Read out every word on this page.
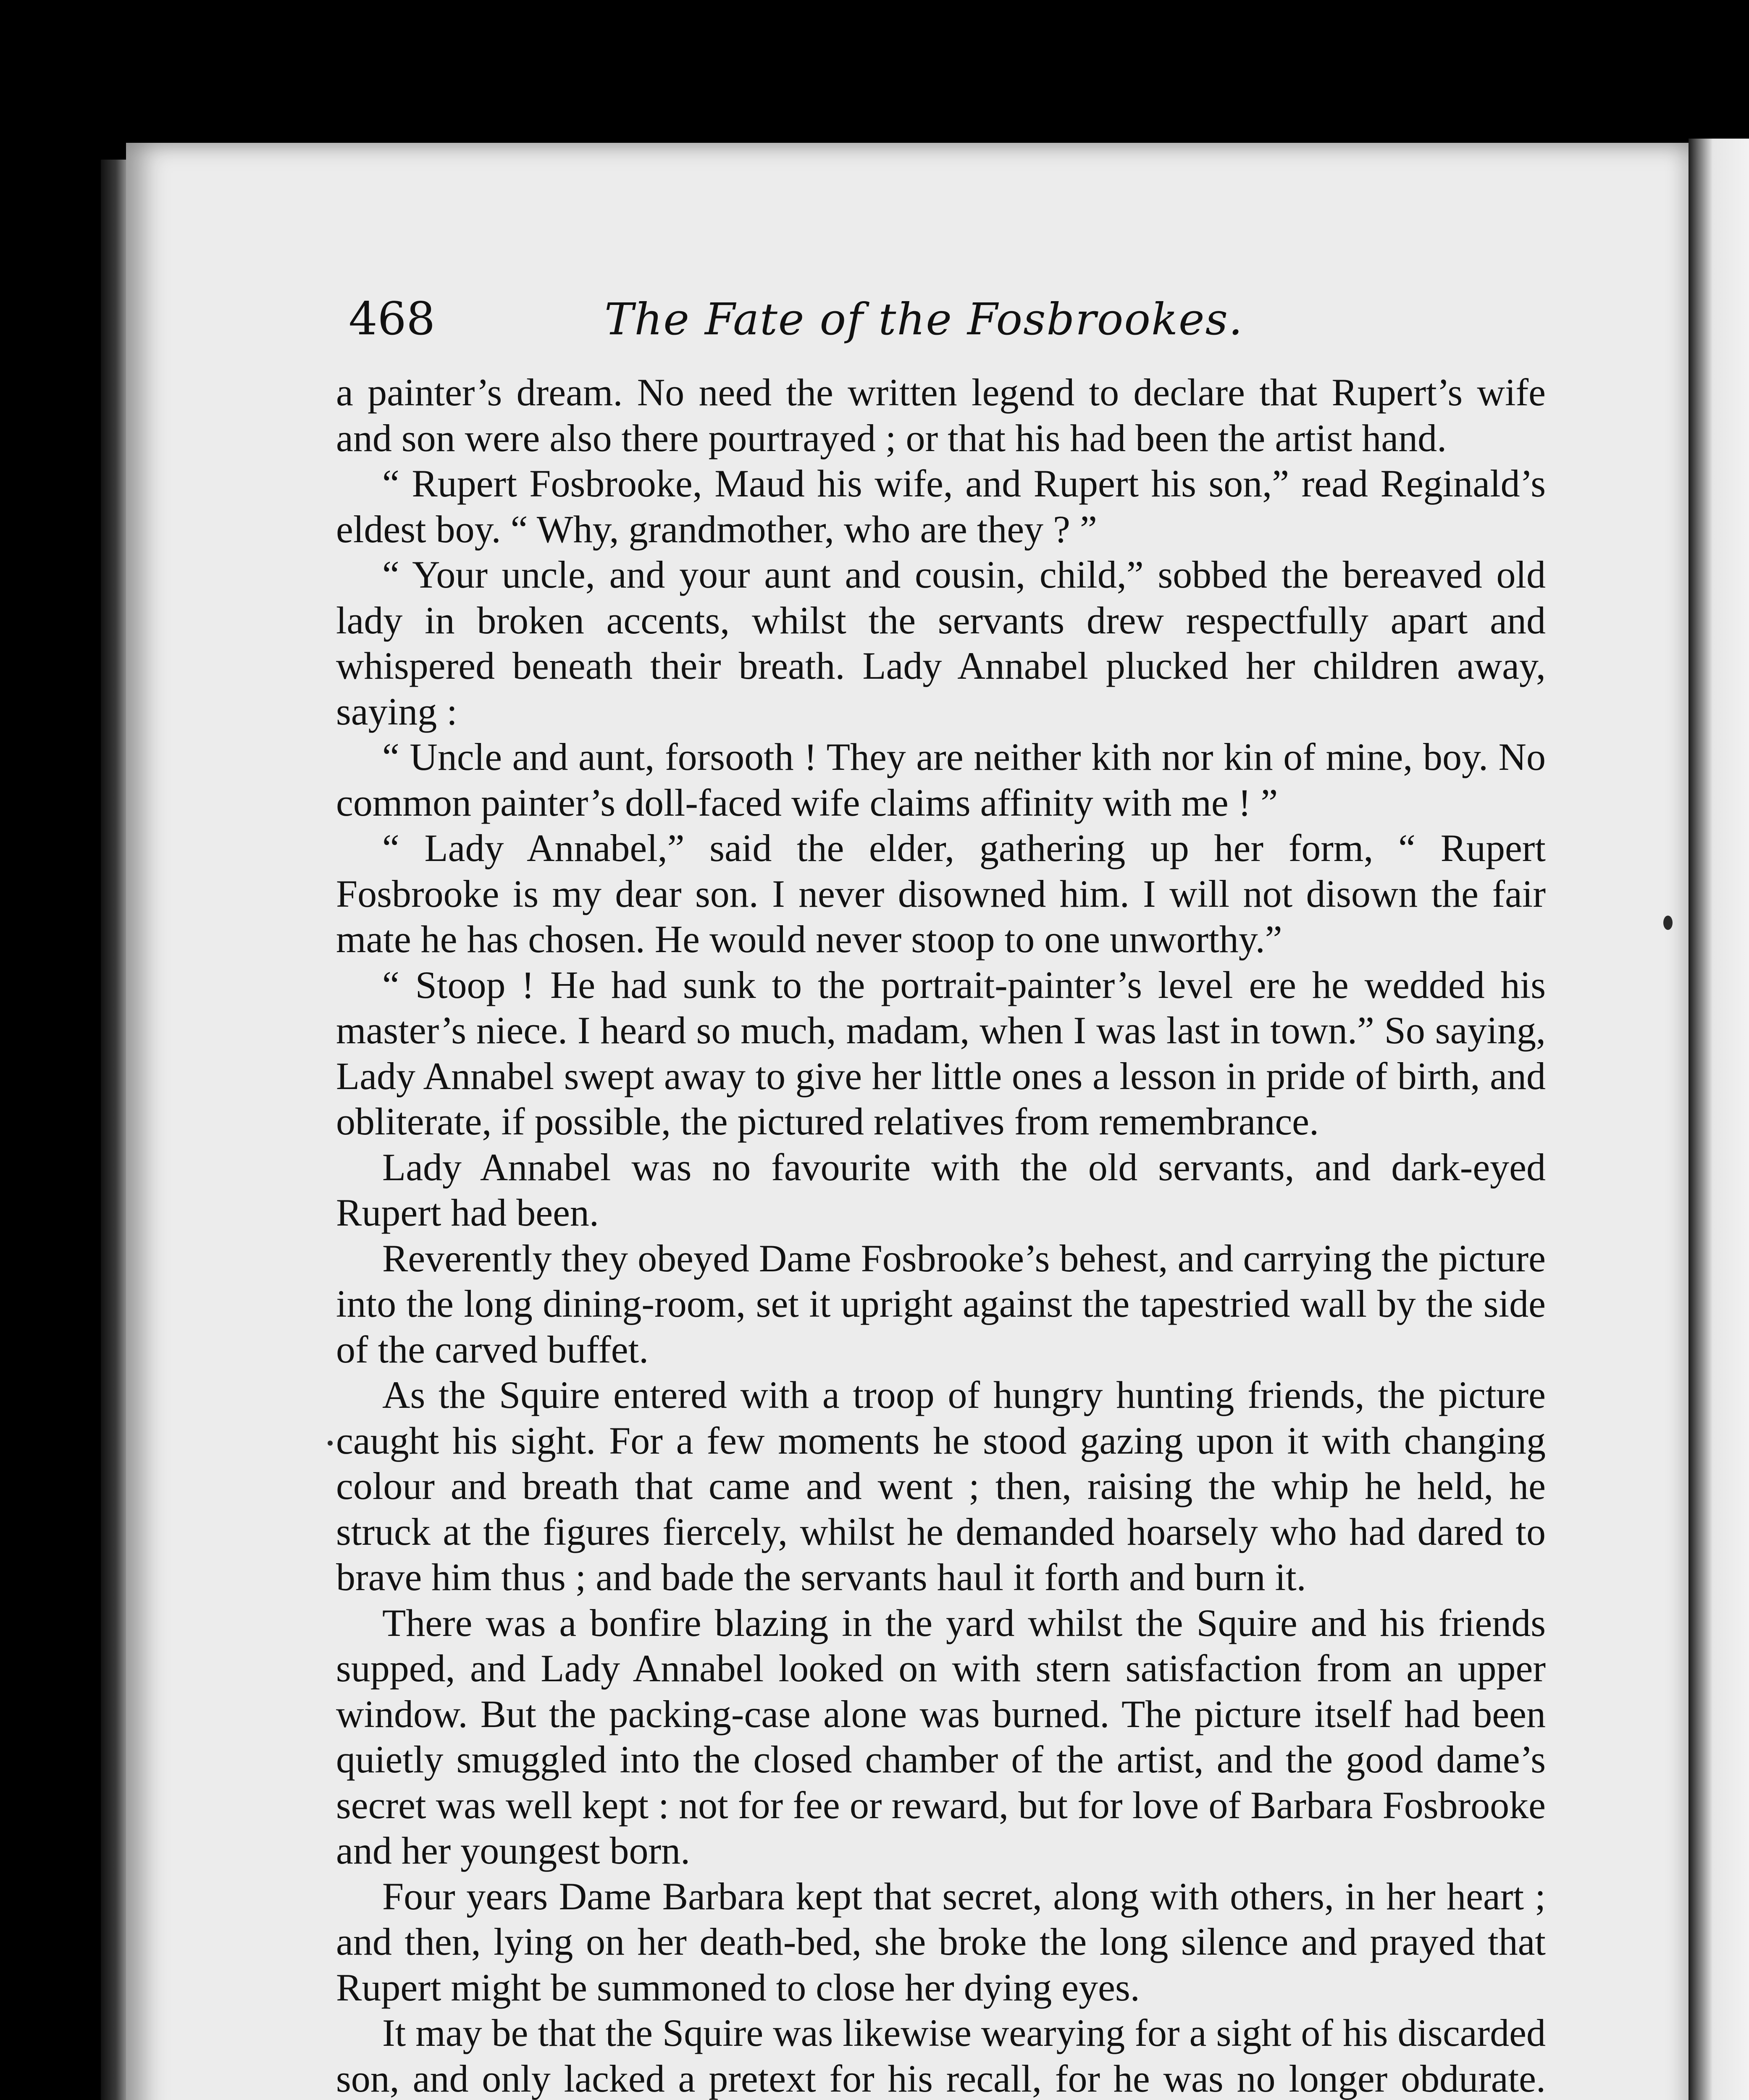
468	The Fate of the Fosbrookes.

a painter’s dream. No need the written legend to declare that Rupert’s wife and son were also there pourtrayed ; or that his had been the artist hand.

“ Rupert Fosbrooke, Maud his wife, and Rupert his son,” read Reginald’s eldest boy. “ Why, grandmother, who are they ? ”

“ Your uncle, and your aunt and cousin, child,” sobbed the bereaved old lady in broken accents, whilst the servants drew respectfully apart and whispered beneath their breath. Lady Annabel plucked her children away, saying :

“ Uncle and aunt, forsooth ! They are neither kith nor kin of mine, boy. No common painter’s doll-faced wife claims affinity with me ! ”

“ Lady Annabel,” said the elder, gathering up her form, “ Rupert Fosbrooke is my dear son. I never disowned him. I will not disown the fair mate he has chosen. He would never stoop to one unworthy.”

“ Stoop ! He had sunk to the portrait-painter’s level ere he wedded his master’s niece. I heard so much, madam, when I was last in town.” So saying, Lady Annabel swept away to give her little ones a lesson in pride of birth, and obliterate, if possible, the pictured relatives from remembrance.

Lady Annabel was no favourite with the old servants, and dark-eyed Rupert had been.

Reverently they obeyed Dame Fosbrooke’s behest, and carrying the picture into the long dining-room, set it upright against the tapestried wall by the side of the carved buffet.

As the Squire entered with a troop of hungry hunting friends, the picture caught his sight. For a few moments he stood gazing upon it with changing colour and breath that came and went ; then, raising the whip he held, he struck at the figures fiercely, whilst he demanded hoarsely who had dared to brave him thus ; and bade the servants haul it forth and burn it.

There was a bonfire blazing in the yard whilst the Squire and his friends supped, and Lady Annabel looked on with stern satisfaction from an upper window. But the packing-case alone was burned. The picture itself had been quietly smuggled into the closed chamber of the artist, and the good dame’s secret was well kept : not for fee or reward, but for love of Barbara Fosbrooke and her youngest born.

Four years Dame Barbara kept that secret, along with others, in her heart ; and then, lying on her death-bed, she broke the long silence and prayed that Rupert might be summoned to close her dying eyes.

It may be that the Squire was likewise wearying for a sight of his discarded son, and only lacked a pretext for his recall, for he was no longer obdurate.
